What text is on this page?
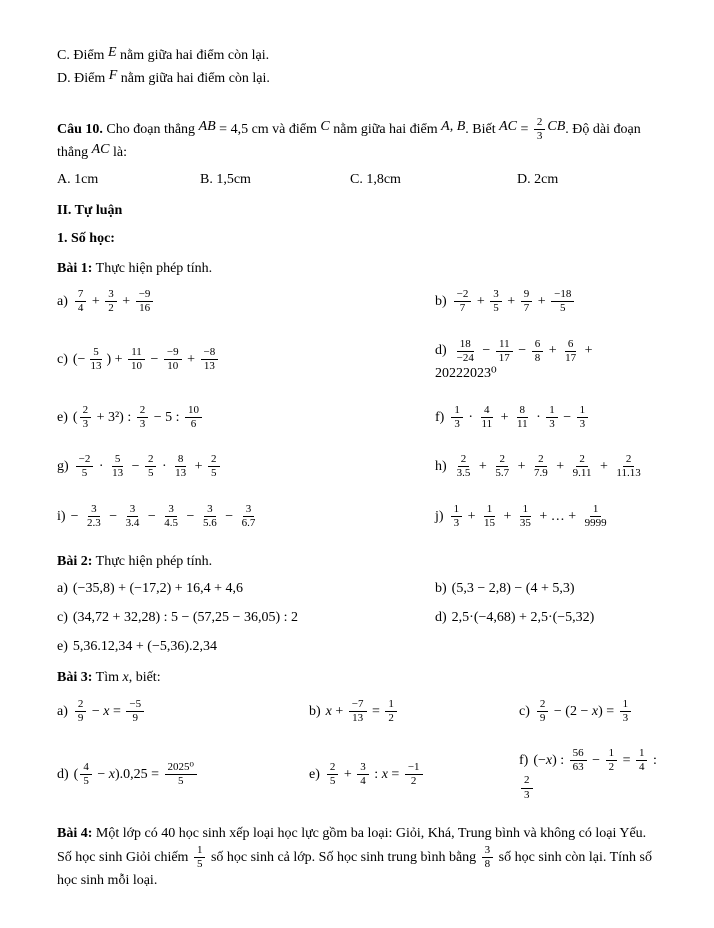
C. Điểm E nằm giữa hai điểm còn lại.

D. Điểm F nằm giữa hai điểm còn lại.

Câu 10. Cho đoạn thẳng AB = 4,5 cm và điểm C nằm giữa hai điểm A, B. Biết AC = $\frac{2}{3}$ CB. Độ dài đoạn thẳng AC là:

A. 1cm	B. 1,5cm	C. 1,8cm	D. 2cm

II. Tự luận

1. Số học:

Bài 1: Thực hiện phép tính.

$a) \frac{7}{4} + \frac{3}{2} + \frac{-9}{16}$	$b) \frac{-2}{7} + \frac{3}{5} + \frac{9}{7} + \frac{-18}{5}$
c) (− $\frac{5}{13}$ ) + $\frac{11}{10} - \frac{-9}{10} + \frac{-8}{13}$	$d) \frac{18}{-24} - \frac{11}{17} - \frac{6}{8} + \frac{6}{17} + 20222023^0$
e) ( $\frac{2}{3} + 3^2$) : $\frac{2}{3} - 5$ : $\frac{10}{6}$	$f) \frac{1}{3} \cdot \frac{4}{11} + \frac{8}{11} \cdot \frac{1}{3} - \frac{1}{3}$
$g) \frac{-2}{5} \cdot \frac{5}{13} - \frac{2}{5} \cdot \frac{8}{13} + \frac{2}{5}$	$h) \frac{2}{3.5} + \frac{2}{5.7} + \frac{2}{7.9} + \frac{2}{9.11} + \frac{2}{11.13}$
$i) - \frac{3}{2.3} - \frac{3}{3.4} - \frac{3}{4.5} - \frac{3}{5.6} - \frac{3}{6.7}$	$j) \frac{1}{3} + \frac{1}{15} + \frac{1}{35}$ + … + $\frac{1}{9999}$

Bài 2: Thực hiện phép tính.

a) (−35,8) + (−17,2) + 16,4 + 4,6	b) (5,3 − 2,8) − (4 + 5,3)
c) (34,72 + 32,28) : 5 − (57,25 − 36,05) : 2	d) 2,5·(−4,68) + 2,5·(−5,32)
e) 5,36.12,34 + (−5,36).2,34

Bài 3: Tìm x, biết:

$a) \frac{2}{9} - x = \frac{-5}{9}$	b) $x + \frac{-7}{13} = \frac{1}{2}$	$c) \frac{2}{9} - (2 - x) = \frac{1}{3}$
d) ( $\frac{4}{5} - x).0,25 = \frac{\text{2025⁰}}{5}$	$e) \frac{2}{5} + \frac{3}{4}$ : $x = \frac{-1}{2}$
f) (−x) : $\frac{56}{63} - \frac{1}{2} = \frac{1}{4}$ :
$\frac{2}{3}$

Bài 4: Một lớp có 40 học sinh xếp loại học lực gồm ba loại: Giỏi, Khá, Trung bình và không có loại Yếu. Số học sinh Giỏi chiếm $\frac{1}{5}$ số học sinh cả lớp. Số học sinh trung bình bằng $\frac{3}{8}$ số học sinh còn lại. Tính số học sinh mỗi loại.
